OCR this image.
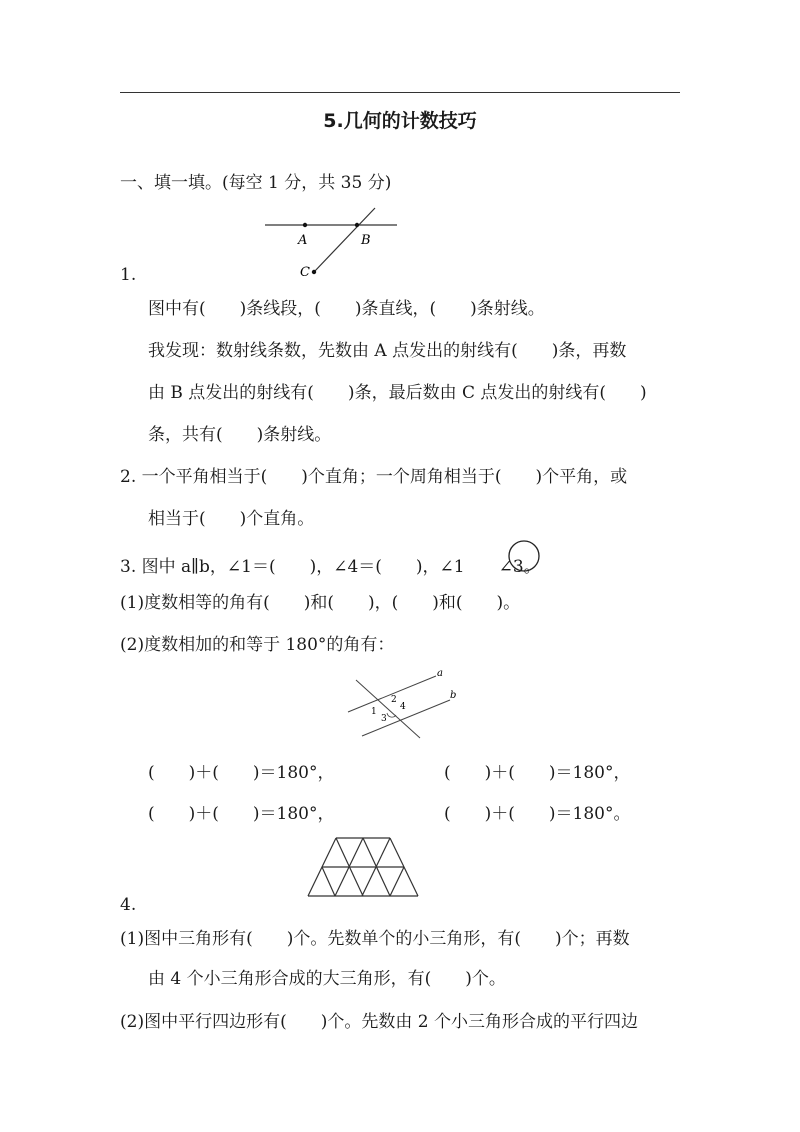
5.几何的计数技巧
一、填一填。(每空 1 分，共 35 分)
A	B
C
1.
图中有(　　)条线段，(　　)条直线，(　　)条射线。
我发现：数射线条数，先数由 A 点发出的射线有(　　)条，再数
由 B 点发出的射线有(　　)条，最后数由 C 点发出的射线有(　　)
条，共有(　　)条射线。
2. 一个平角相当于(　　)个直角；一个周角相当于(　　)个平角，或
相当于(　　)个直角。
3. 图中 a∥b，∠1＝(　　)，∠4＝(　　)，∠1　　∠3。
(1)度数相等的角有(　　)和(　　)，(　　)和(　　)。
(2)度数相加的和等于 180°的角有：
a
b
1
2
3
4
(　　)＋(　　)＝180°，	(　　)＋(　　)＝180°，
(　　)＋(　　)＝180°，	(　　)＋(　　)＝180°。
4.
(1)图中三角形有(　　)个。先数单个的小三角形，有(　　)个；再数
由 4 个小三角形合成的大三角形，有(　　)个。
(2)图中平行四边形有(　　)个。先数由 2 个小三角形合成的平行四边
